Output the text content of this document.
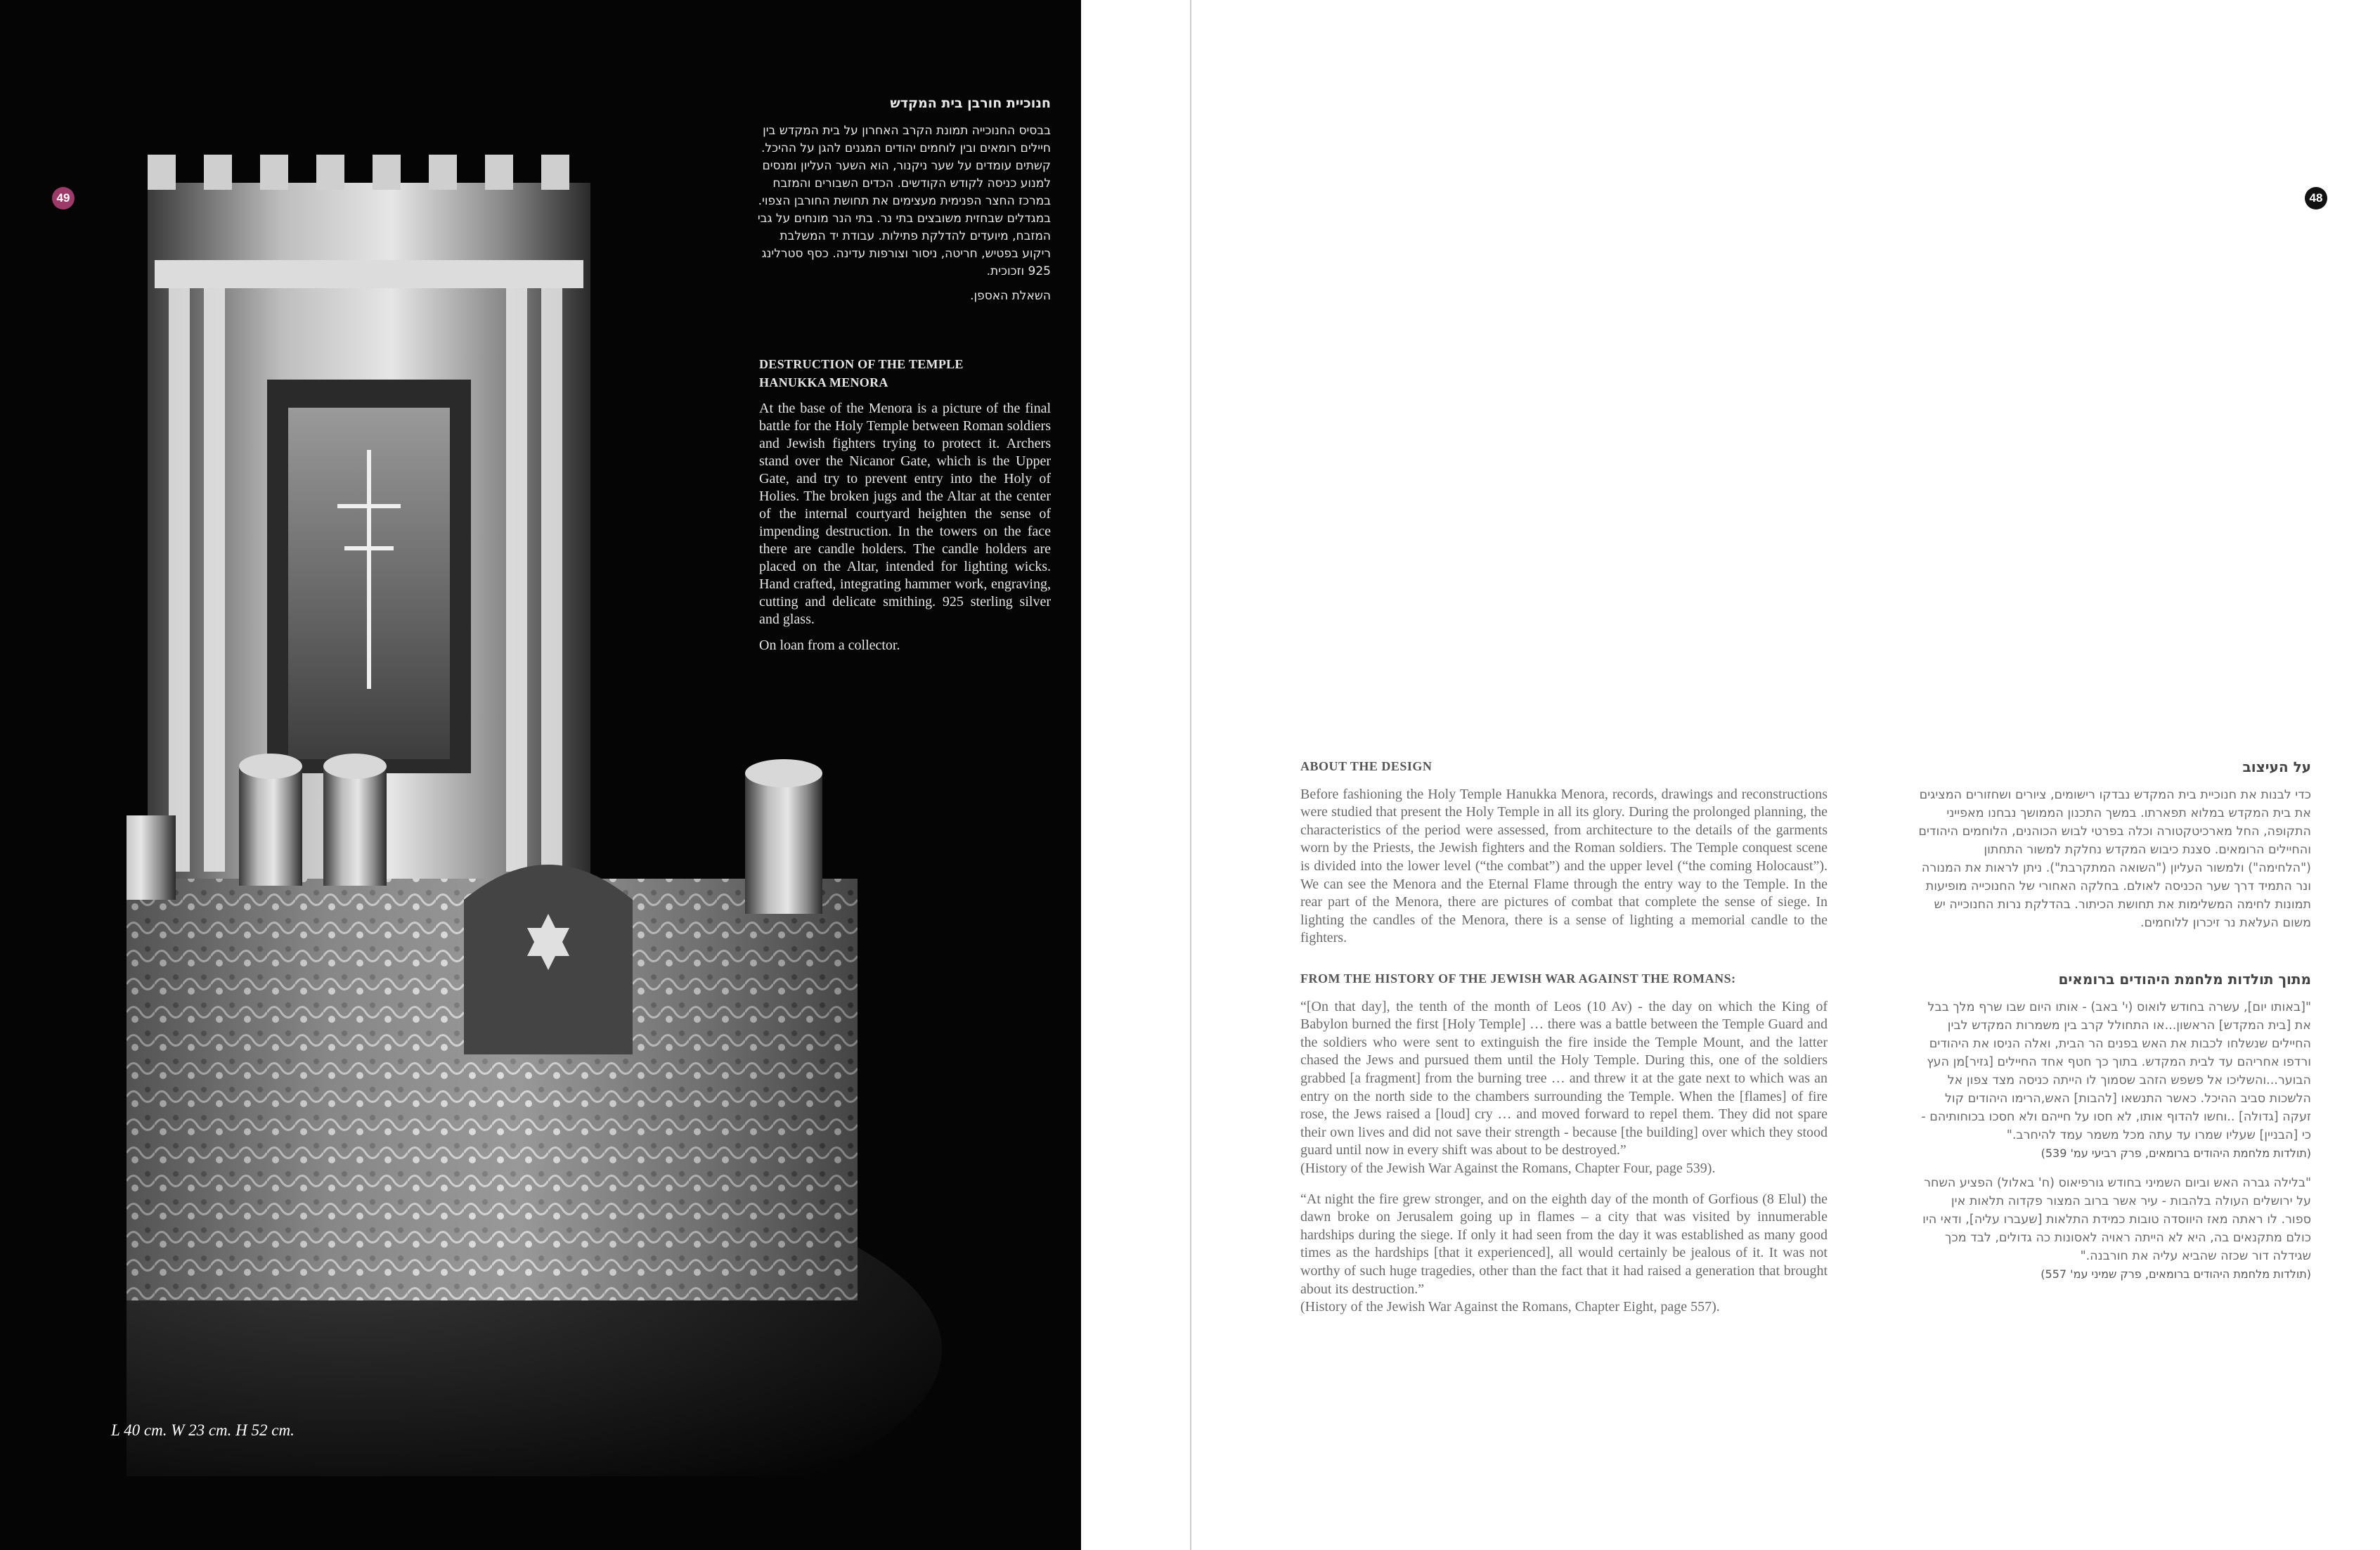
49
חנוכיית חורבן בית המקדש
בבסיס החנוכייה תמונת הקרב האחרון על בית המקדש בין חיילים רומאים ובין לוחמים יהודים המגנים להגן על ההיכל. קשתים עומדים על שער ניקנור, הוא השער העליון ומנסים למנוע כניסה לקודש הקודשים. הכדים השבורים והמזבח במרכז החצר הפנימית מעצימים את תחושת החורבן הצפוי. במגדלים שבחזית משובצים בתי נר. בתי הנר מונחים על גבי המזבח, מיועדים להדלקת פתילות. עבודת יד המשלבת ריקוע בפטיש, חריטה, ניסור וצורפות עדינה. כסף סטרלינג 925 וזכוכית.
השאלת האספן.
DESTRUCTION OF THE TEMPLE
HANUKKA MENORA
At the base of the Menora is a picture of the final battle for the Holy Temple between Roman soldiers and Jewish fighters trying to protect it. Archers stand over the Nicanor Gate, which is the Upper Gate, and try to prevent entry into the Holy of Holies. The broken jugs and the Altar at the center of the internal courtyard heighten the sense of impending destruction. In the towers on the face there are candle holders. The candle holders are placed on the Altar, intended for lighting wicks. Hand crafted, integrating hammer work, engraving, cutting and delicate smithing. 925 sterling silver and glass.
On loan from a collector.
L 40 cm. W 23 cm. H 52 cm.
48
ABOUT THE DESIGN
Before fashioning the Holy Temple Hanukka Menora, records, drawings and reconstructions were studied that present the Holy Temple in all its glory. During the prolonged planning, the characteristics of the period were assessed, from architecture to the details of the garments worn by the Priests, the Jewish fighters and the Roman soldiers. The Temple conquest scene is divided into the lower level (“the combat”) and the upper level (“the coming Holocaust”). We can see the Menora and the Eternal Flame through the entry way to the Temple. In the rear part of the Menora, there are pictures of combat that complete the sense of siege. In lighting the candles of the Menora, there is a sense of lighting a memorial candle to the fighters.
FROM THE HISTORY OF THE JEWISH WAR AGAINST THE ROMANS:

“[On that day], the tenth of the month of Leos (10 Av) - the day on which the King of Babylon burned the first [Holy Temple] … there was a battle between the Temple Guard and the soldiers who were sent to extinguish the fire inside the Temple Mount, and the latter chased the Jews and pursued them until the Holy Temple. During this, one of the soldiers grabbed [a fragment] from the burning tree … and threw it at the gate next to which was an entry on the north side to the chambers surrounding the Temple. When the [flames] of fire rose, the Jews raised a [loud] cry … and moved forward to repel them. They did not spare their own lives and did not save their strength - because [the building] over which they stood guard until now in every shift was about to be destroyed.”
(History of the Jewish War Against the Romans, Chapter Four, page 539).

“At night the fire grew stronger, and on the eighth day of the month of Gorfious (8 Elul) the dawn broke on Jerusalem going up in flames – a city that was visited by innumerable hardships during the siege. If only it had seen from the day it was established as many good times as the hardships [that it experienced], all would certainly be jealous of it. It was not worthy of such huge tragedies, other than the fact that it had raised a generation that brought about its destruction.”
(History of the Jewish War Against the Romans, Chapter Eight, page 557).

על העיצוב

כדי לבנות את חנוכיית בית המקדש נבדקו רישומים, ציורים ושחזורים המציגים את בית המקדש במלוא תפארתו. במשך התכנון הממושך נבחנו מאפייני התקופה, החל מארכיטקטורה וכלה בפרטי לבוש הכוהנים, הלוחמים היהודים והחיילים הרומאים. סצנת כיבוש המקדש נחלקת למשור התחתון ("הלחימה") ולמשור העליון ("השואה המתקרבת"). ניתן לראות את המנורה ונר התמיד דרך שער הכניסה לאולם. בחלקה האחורי של החנוכייה מופיעות תמונות לחימה המשלימות את תחושת הכיתור. בהדלקת נרות החנוכייה יש משום העלאת נר זיכרון ללוחמים.

מתוך תולדות מלחמת היהודים ברומאים

"[באותו יום], עשרה בחודש לואוס (י' באב) - אותו היום שבו שרף מלך בבל את [בית המקדש] הראשון...או התחולל קרב בין משמרות המקדש לבין החיילים שנשלחו לכבות את האש בפנים הר הבית, ואלה הניסו את היהודים ורדפו אחריהם עד לבית המקדש. בתוך כך חטף אחד החיילים [גזיר]מן העץ הבוער...והשליכו אל פשפש הזהב שסמוך לו הייתה כניסה מצד צפון אל הלשכות סביב ההיכל. כאשר התנשאו [להבות] האש,הרימו היהודים קול זעקה [גדולה] ..וחשו להדוף אותו, לא חסו על חייהם ולא חסכו בכוחותיהם - כי [הבניין] שעליו שמרו עד עתה מכל משמר עמד להיחרב."
(תולדות מלחמת היהודים ברומאים, פרק רביעי עמ' 539)

"בלילה גברה האש וביום השמיני בחודש גורפיאוס (ח' באלול) הפציע השחר על ירושלים העולה בלהבות - עיר אשר ברוב המצור פקדוה תלאות אין ספור. לו ראתה מאז היווסדה טובות כמידת התלאות [שעברו עליה], ודאי היו כולם מתקנאים בה, היא לא הייתה ראויה לאסונות כה גדולים, לבד מכך שגידלה דור שכזה שהביא עליה את חורבנה."
(תולדות מלחמת היהודים ברומאים, פרק שמיני עמ' 557)
